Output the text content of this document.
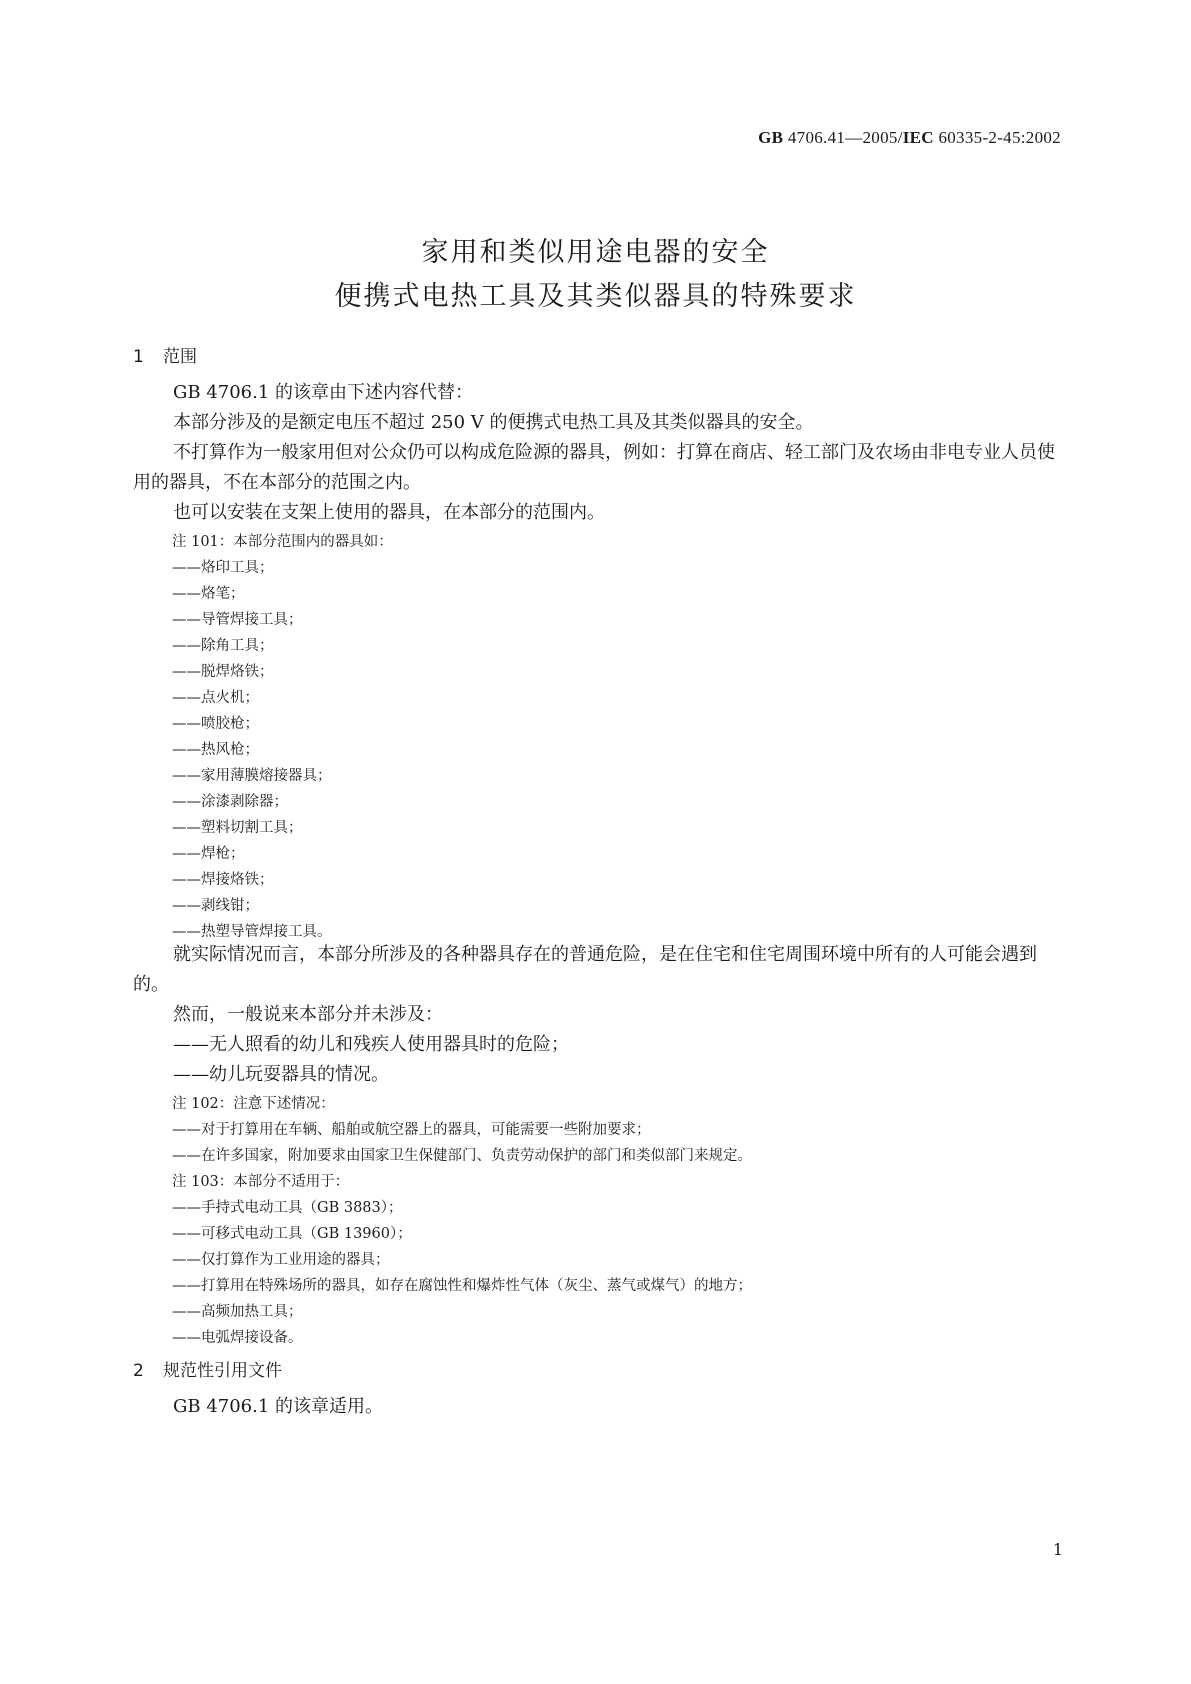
GB 4706.41—2005/IEC 60335-2-45:2002
家用和类似用途电器的安全
便携式电热工具及其类似器具的特殊要求
1 范围
GB 4706.1 的该章由下述内容代替：
本部分涉及的是额定电压不超过 250 V 的便携式电热工具及其类似器具的安全。
不打算作为一般家用但对公众仍可以构成危险源的器具，例如：打算在商店、轻工部门及农场由非电专业人员使用的器具，不在本部分的范围之内。
也可以安装在支架上使用的器具，在本部分的范围内。
注 101：本部分范围内的器具如：
——烙印工具；
——烙笔；
——导管焊接工具；
——除角工具；
——脱焊烙铁；
——点火机；
——喷胶枪；
——热风枪；
——家用薄膜熔接器具；
——涂漆剥除器；
——塑料切割工具；
——焊枪；
——焊接烙铁；
——剥线钳；
——热塑导管焊接工具。
就实际情况而言，本部分所涉及的各种器具存在的普通危险，是在住宅和住宅周围环境中所有的人可能会遇到的。
然而，一般说来本部分并未涉及：
——无人照看的幼儿和残疾人使用器具时的危险；
——幼儿玩耍器具的情况。
注 102：注意下述情况：
——对于打算用在车辆、船舶或航空器上的器具，可能需要一些附加要求；
——在许多国家，附加要求由国家卫生保健部门、负责劳动保护的部门和类似部门来规定。
注 103：本部分不适用于：
——手持式电动工具（GB 3883）；
——可移式电动工具（GB 13960）；
——仅打算作为工业用途的器具；
——打算用在特殊场所的器具，如存在腐蚀性和爆炸性气体（灰尘、蒸气或煤气）的地方；
——高频加热工具；
——电弧焊接设备。
2 规范性引用文件
GB 4706.1 的该章适用。
1
